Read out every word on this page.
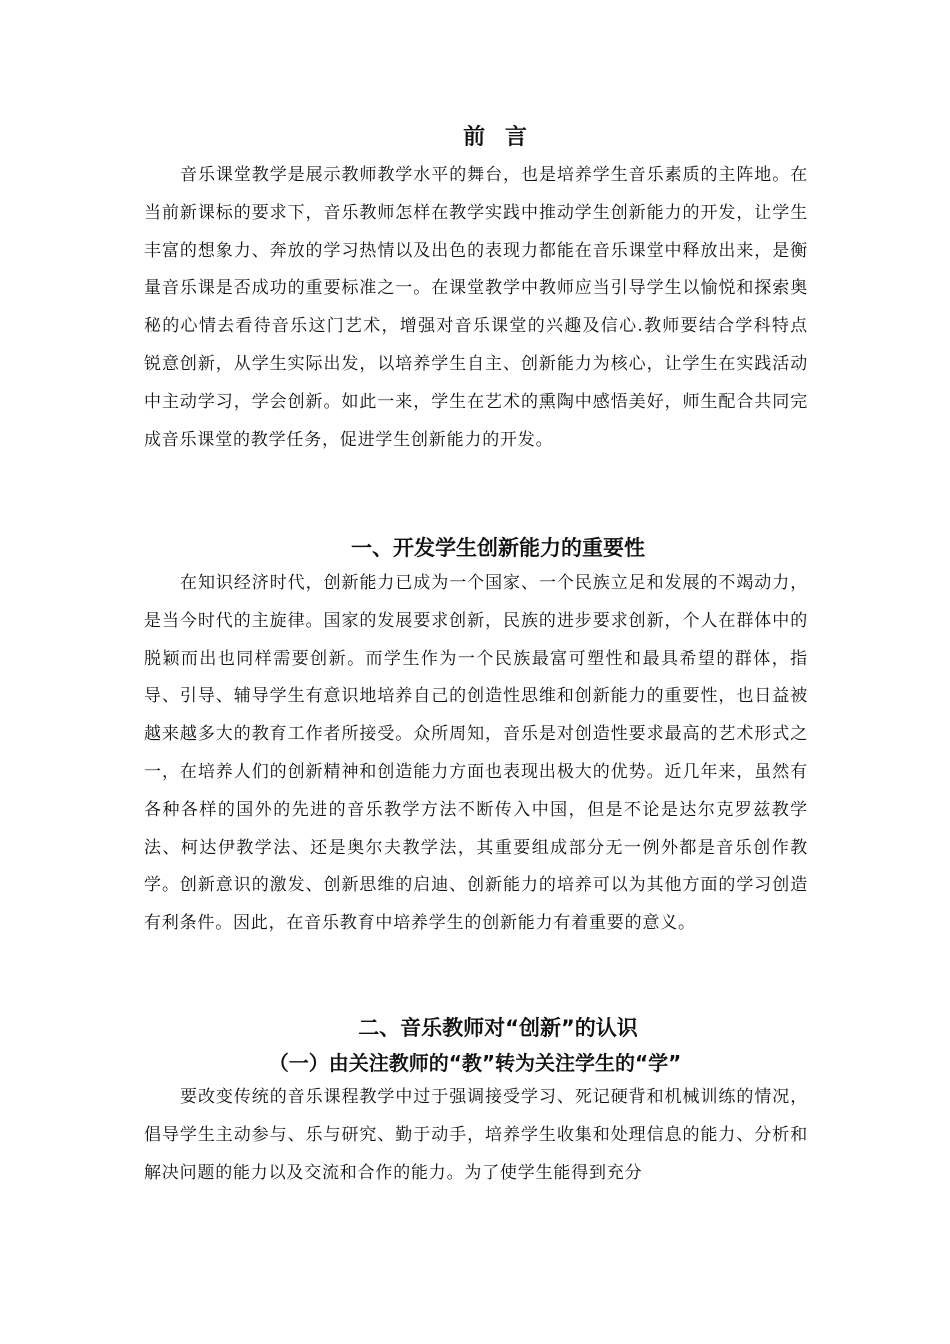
前 言

音乐课堂教学是展示教师教学水平的舞台，也是培养学生音乐素质的主阵地。在当前新课标的要求下，音乐教师怎样在教学实践中推动学生创新能力的开发，让学生丰富的想象力、奔放的学习热情以及出色的表现力都能在音乐课堂中释放出来，是衡量音乐课是否成功的重要标准之一。在课堂教学中教师应当引导学生以愉悦和探索奥秘的心情去看待音乐这门艺术，增强对音乐课堂的兴趣及信心.教师要结合学科特点锐意创新，从学生实际出发，以培养学生自主、创新能力为核心，让学生在实践活动中主动学习，学会创新。如此一来，学生在艺术的熏陶中感悟美好，师生配合共同完成音乐课堂的教学任务，促进学生创新能力的开发。

一、开发学生创新能力的重要性

在知识经济时代，创新能力已成为一个国家、一个民族立足和发展的不竭动力，是当今时代的主旋律。国家的发展要求创新，民族的进步要求创新，个人在群体中的脱颖而出也同样需要创新。而学生作为一个民族最富可塑性和最具希望的群体，指导、引导、辅导学生有意识地培养自己的创造性思维和创新能力的重要性，也日益被越来越多大的教育工作者所接受。众所周知，音乐是对创造性要求最高的艺术形式之一，在培养人们的创新精神和创造能力方面也表现出极大的优势。近几年来，虽然有各种各样的国外的先进的音乐教学方法不断传入中国，但是不论是达尔克罗兹教学法、柯达伊教学法、还是奥尔夫教学法，其重要组成部分无一例外都是音乐创作教学。创新意识的激发、创新思维的启迪、创新能力的培养可以为其他方面的学习创造有利条件。因此，在音乐教育中培养学生的创新能力有着重要的意义。

二、音乐教师对“创新”的认识
（一）由关注教师的“教”转为关注学生的“学”

要改变传统的音乐课程教学中过于强调接受学习、死记硬背和机械训练的情况，倡导学生主动参与、乐与研究、勤于动手，培养学生收集和处理信息的能力、分析和解决问题的能力以及交流和合作的能力。为了使学生能得到充分
